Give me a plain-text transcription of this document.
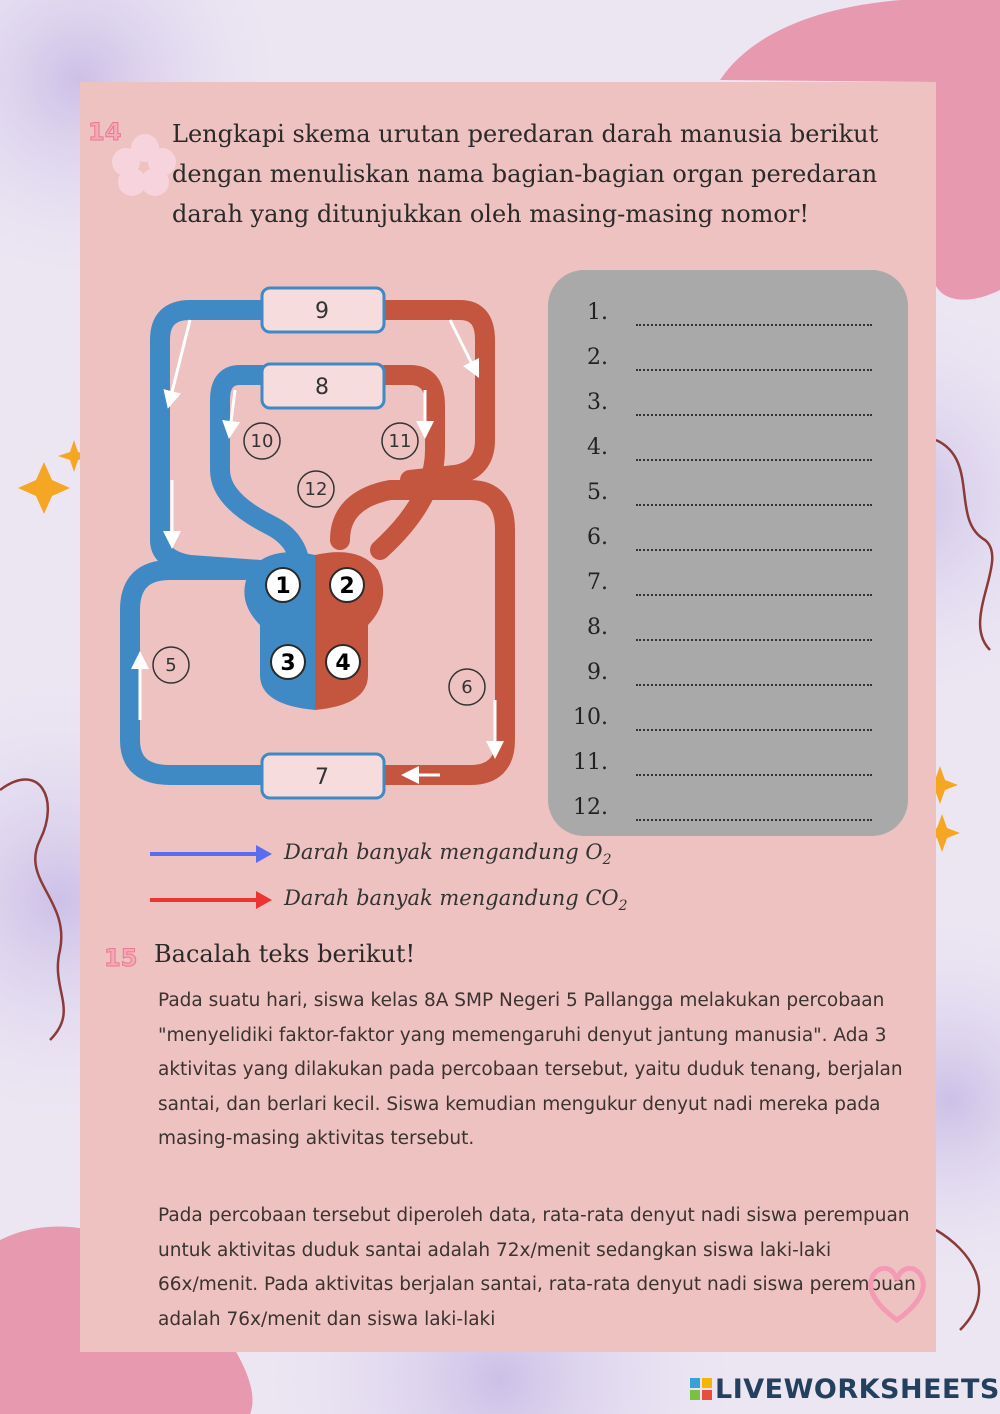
14 Lengkapi skema urutan peredaran darah manusia berikut dengan menuliskan nama bagian-bagian organ peredaran darah yang ditunjukkan oleh masing-masing nomor!
1 2
3 4
9
8
7
10	11
12
5
6
1.
2.
3.
4.
5.
6.
7.
8.
9.
10.
11.
12.
Darah banyak mengandung $O_2$
Darah banyak mengandung $CO_2$
15 Bacalah teks berikut!
Pada suatu hari, siswa kelas 8A SMP Negeri 5 Pallangga melakukan percobaan "menyelidiki faktor-faktor yang memengaruhi denyut jantung manusia". Ada 3 aktivitas yang dilakukan pada percobaan tersebut, yaitu duduk tenang, berjalan santai, dan berlari kecil. Siswa kemudian mengukur denyut nadi mereka pada masing-masing aktivitas tersebut.
Pada percobaan tersebut diperoleh data, rata-rata denyut nadi siswa perempuan untuk aktivitas duduk santai adalah 72x/menit sedangkan siswa laki-laki 66x/menit. Pada aktivitas berjalan santai, rata-rata denyut nadi siswa perempuan adalah 76x/menit dan siswa laki-laki
LIVEWORKSHEETS
